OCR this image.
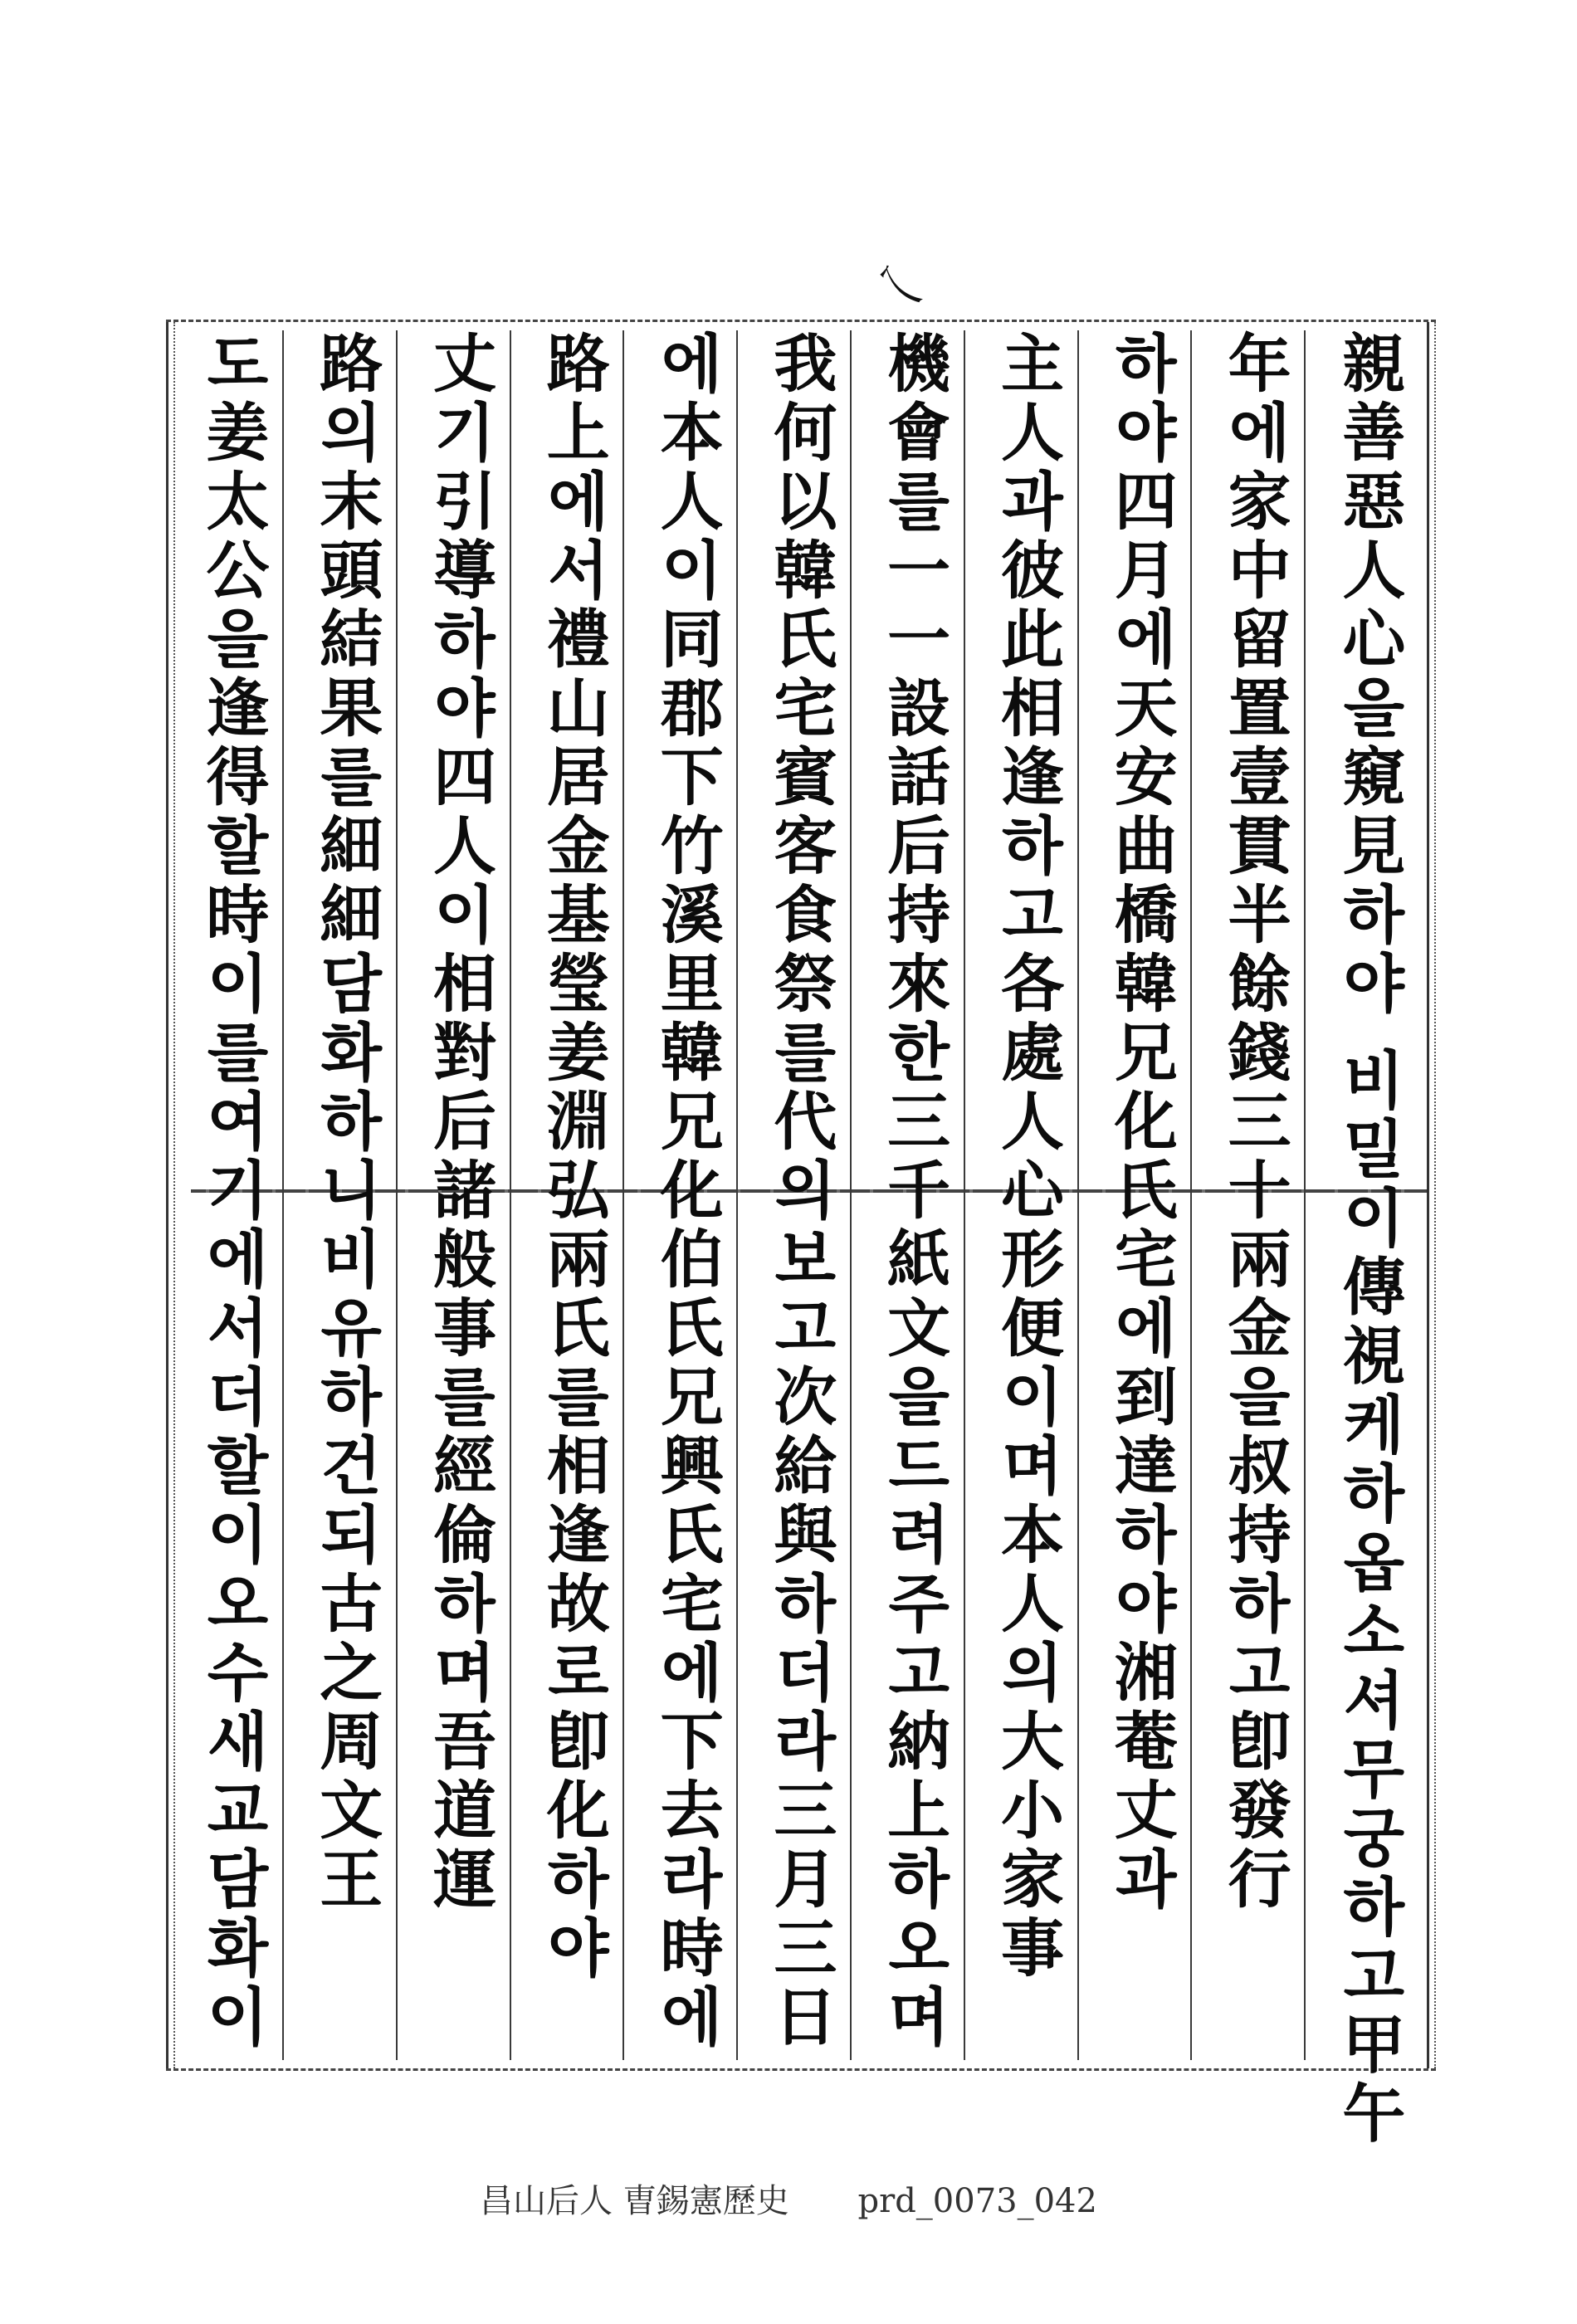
乀
親善惡人心을窺見하야 비밀이傳視케하옵소셔무궁하고甲午
年에家中留置壹貫半餘錢三十兩金을叔持하고卽發行
하야四月에天安曲橋韓兄化氏宅에到達하야湘菴丈과
主人과彼此相逢하고各處人心形便이며本人의大小家事
機會를一一設話后持來한三千紙文을드려주고納上하오며
我何以韓氏宅賓客食祭를代의보고次給與하더라三月三日
에本人이同郡下竹溪里韓兄化伯氏兄興氏宅에下去라時에
路上에서禮山居金基瑩姜淵弘兩氏를相逢故로卽化하야
丈기引導하야四人이相對后諸般事를經倫하며吾道運
路의末頭結果를細細담화하니비유하건되古之周文王
도姜太公을逢得할時이를여기에서더할이오수새교담화이
昌山后人 曺錫憲歷史 prd_0073_042
